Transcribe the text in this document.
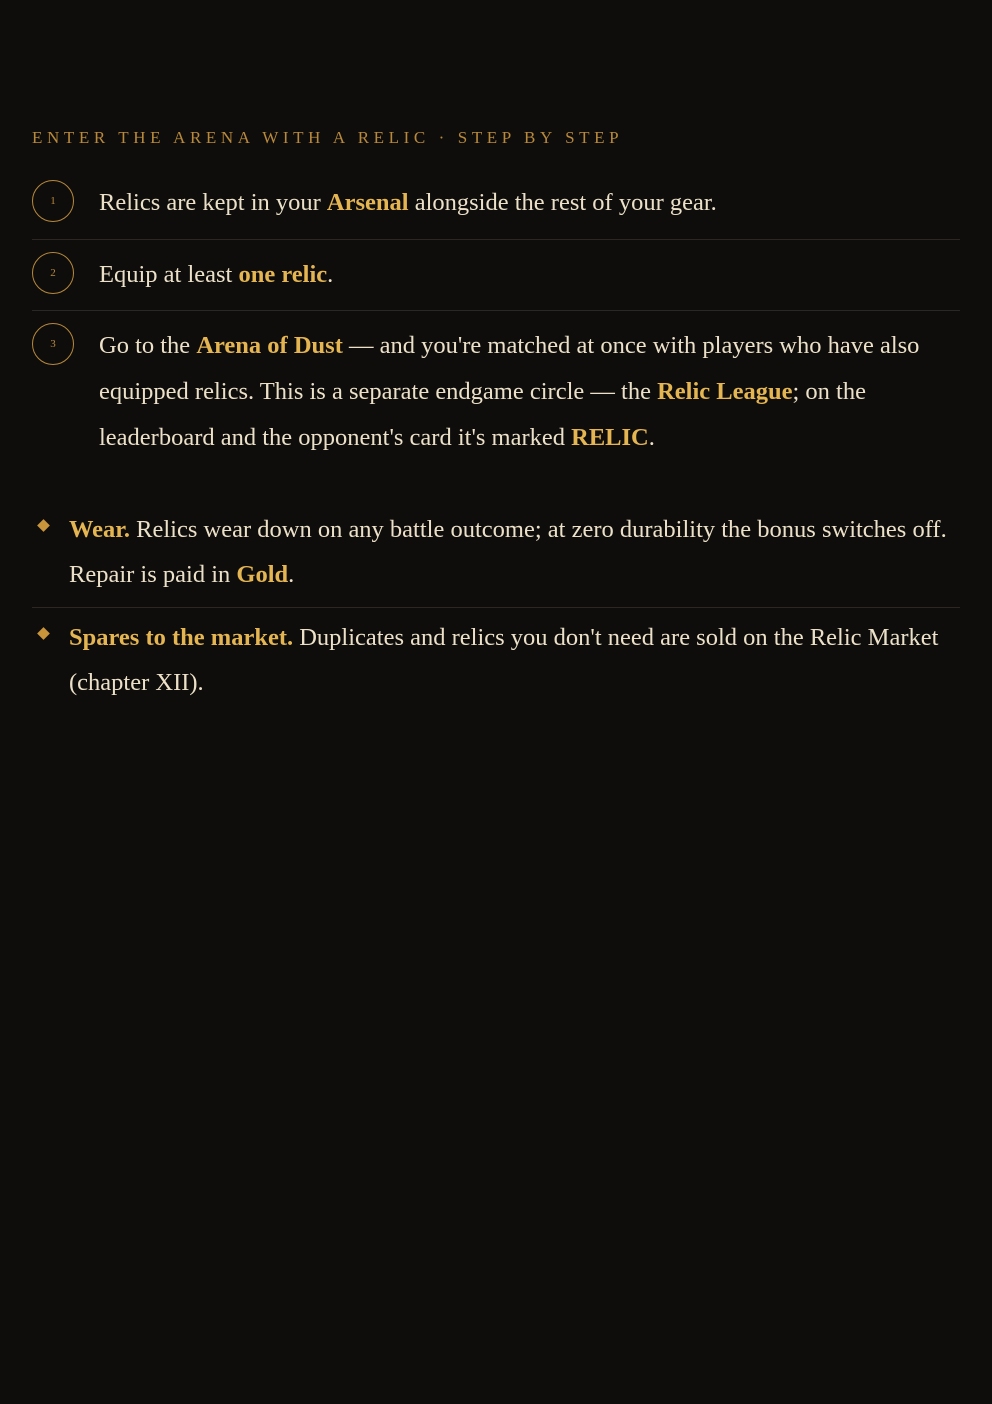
ENTER THE ARENA WITH A RELIC · STEP BY STEP
1	Relics are kept in your Arsenal alongside the rest of your gear.
2	Equip at least one relic.
3	Go to the Arena of Dust — and you're matched at once with players who have also equipped relics. This is a separate endgame circle — the Relic League; on the leaderboard and the opponent's card it's marked RELIC.
Wear. Relics wear down on any battle outcome; at zero durability the bonus switches off. Repair is paid in Gold.
Spares to the market. Duplicates and relics you don't need are sold on the Relic Market (chapter XII).
